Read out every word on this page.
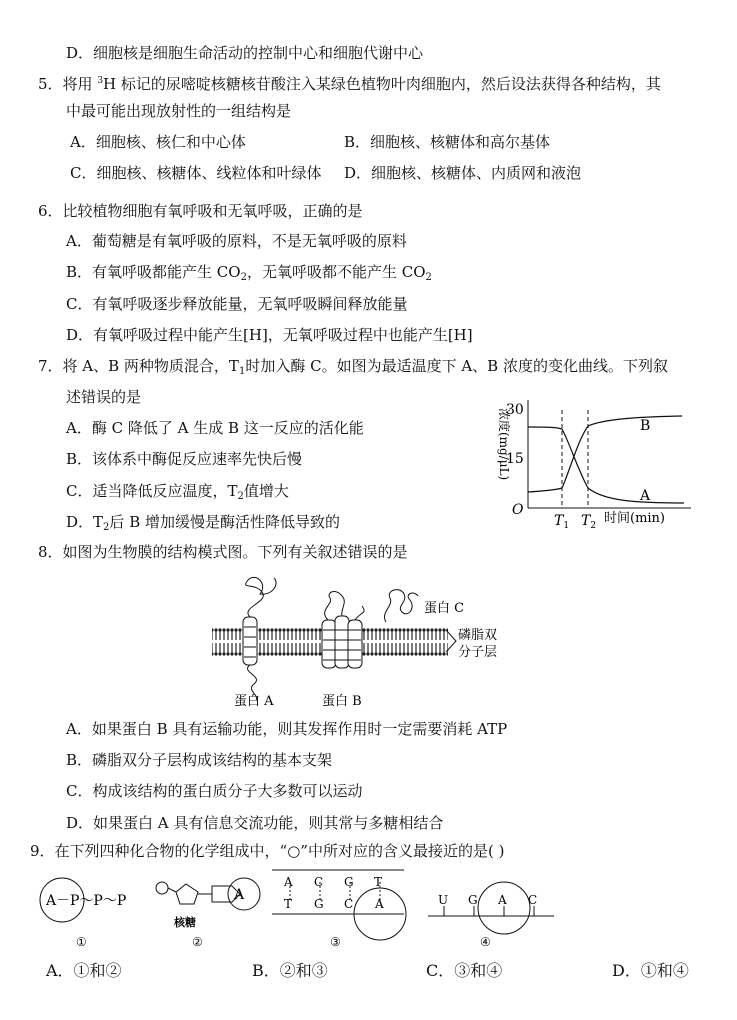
D．细胞核是细胞生命活动的控制中心和细胞代谢中心
5．将用 $^3$H 标记的尿嘧啶核糖核苷酸注入某绿色植物叶肉细胞内，然后设法获得各种结构，其
中最可能出现放射性的一组结构是
A．细胞核、核仁和中心体	B．细胞核、核糖体和高尔基体
C．细胞核、核糖体、线粒体和叶绿体 D．细胞核、核糖体、内质网和液泡
6．比较植物细胞有氧呼吸和无氧呼吸，正确的是
A．葡萄糖是有氧呼吸的原料，不是无氧呼吸的原料
B．有氧呼吸都能产生 $CO_2$，无氧呼吸都不能产生 $CO_2$
C．有氧呼吸逐步释放能量，无氧呼吸瞬间释放能量
D．有氧呼吸过程中能产生[H]，无氧呼吸过程中也能产生[H]
7．将 A、B 两种物质混合，$T_1$时加入酶 C。如图为最适温度下 A、B 浓度的变化曲线。下列叙
述错误的是
A．酶 C 降低了 A 生成 B 这一反应的活化能
B．该体系中酶促反应速率先快后慢
C．适当降低反应温度，$T_2$值增大
D．$T_2$后 B 增加缓慢是酶活性降低导致的
浓度(mg/μL)
30
15
O
B
A
$T_1$ $T_2$ 时间(min)
8．如图为生物膜的结构模式图。下列有关叙述错误的是
蛋白 C
磷脂双
分子层
蛋白 A	蛋白 B
A．如果蛋白 B 具有运输功能，则其发挥作用时一定需要消耗 ATP
B．磷脂双分子层构成该结构的基本支架
C．构成该结构的蛋白质分子大多数可以运动
D．如果蛋白 A 具有信息交流功能，则其常与多糖相结合
9．在下列四种化合物的化学组成中，“○”中所对应的含义最接近的是( )
A －P～P～P
①
A
核糖
②
A C G T
T G C A
③
U G A C
④
A．①和②	B．②和③	C．③和④	D．①和④
